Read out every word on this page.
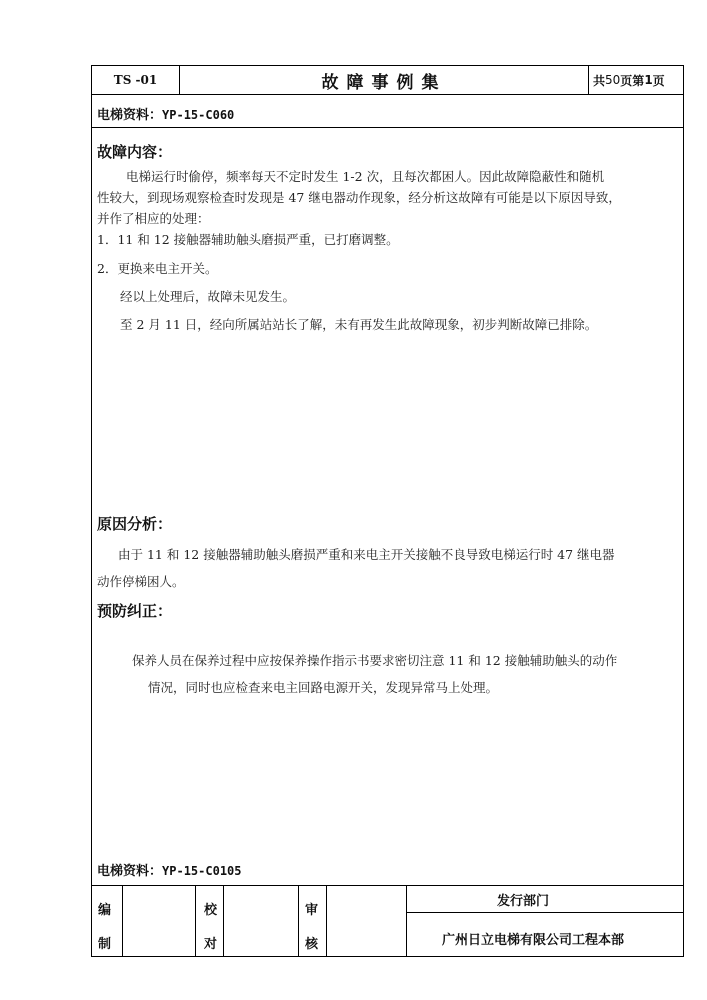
TS -01	故障事例集	共 50 页第 1 页
电梯资料：YP-15-C060
故障内容：
电梯运行时偷停，频率每天不定时发生 1-2 次，且每次都困人。因此故障隐蔽性和随机
性较大，到现场观察检查时发现是 47 继电器动作现象，经分析这故障有可能是以下原因导致，
并作了相应的处理：
1．11 和 12 接触器辅助触头磨损严重，已打磨调整。
2．更换来电主开关。
经以上处理后，故障未见发生。
至 2 月 11 日，经向所属站站长了解，未有再发生此故障现象，初步判断故障已排除。
原因分析：
由于 11 和 12 接触器辅助触头磨损严重和来电主开关接触不良导致电梯运行时 47 继电器
动作停梯困人。
预防纠正：
保养人员在保养过程中应按保养操作指示书要求密切注意 11 和 12 接触辅助触头的动作
情况，同时也应检查来电主回路电源开关，发现异常马上处理。
电梯资料：YP-15-C0105
编
制
校
对
审
核
发行部门
广州日立电梯有限公司工程本部
